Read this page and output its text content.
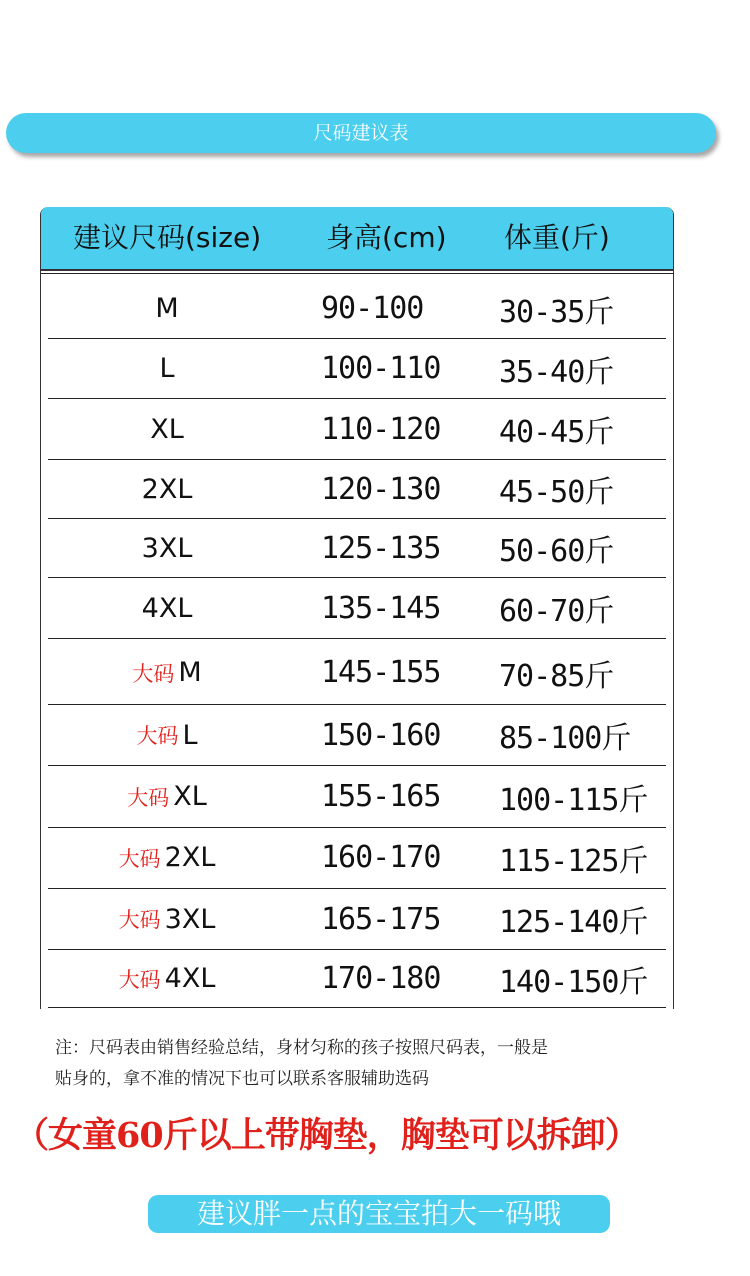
尺码建议表
建议尺码(size) 身高(cm) 体重(斤)
M	90-100	30-35斤
L	100-110 35-40斤
XL	110-120 40-45斤
2XL	120-130 45-50斤
3XL	125-135 50-60斤
4XL	135-145 60-70斤
大码 M	145-155 70-85斤
大码 L	150-160 85-100斤
大码 XL	155-165 100-115斤
大码 2XL	160-170 115-125斤
大码 3XL	165-175 125-140斤
大码 4XL	170-180 140-150斤
注：尺码表由销售经验总结，身材匀称的孩子按照尺码表，一般是
贴身的，拿不准的情况下也可以联系客服辅助选码
（女童60斤以上带胸垫，胸垫可以拆卸）
建议胖一点的宝宝拍大一码哦
